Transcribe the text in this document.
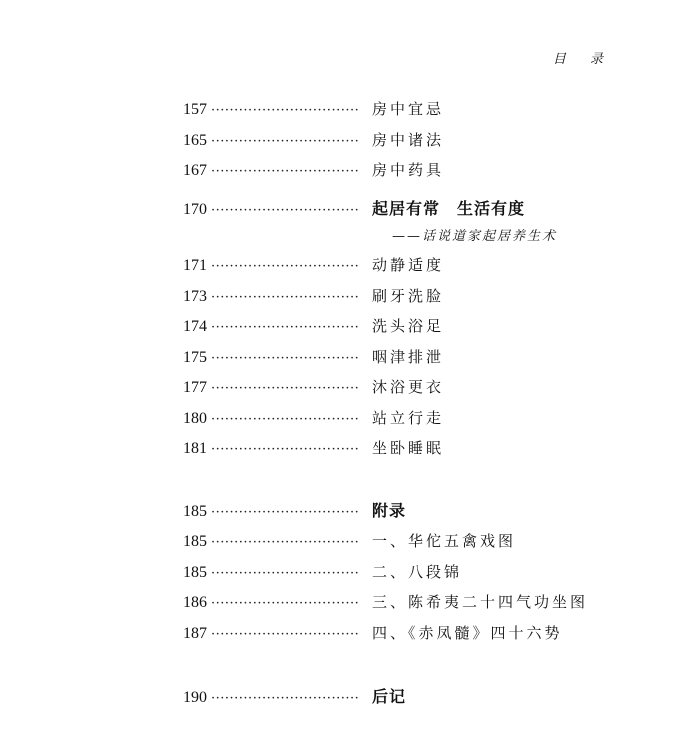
目 录
157 ································ 房中宜忌
165 ································ 房中诸法
167 ································ 房中药具
170 ································ 起居有常　生活有度
——话说道家起居养生术
171 ································ 动静适度
173 ································ 刷牙洗脸
174 ································ 洗头浴足
175 ································ 咽津排泄
177 ································ 沐浴更衣
180 ································ 站立行走
181 ································ 坐卧睡眠
185 ································ 附录
185 ································ 一、华佗五禽戏图
185 ································ 二、八段锦
186 ································ 三、陈希夷二十四气功坐图
187 ································ 四、《赤凤髓》四十六势
190 ································ 后记
